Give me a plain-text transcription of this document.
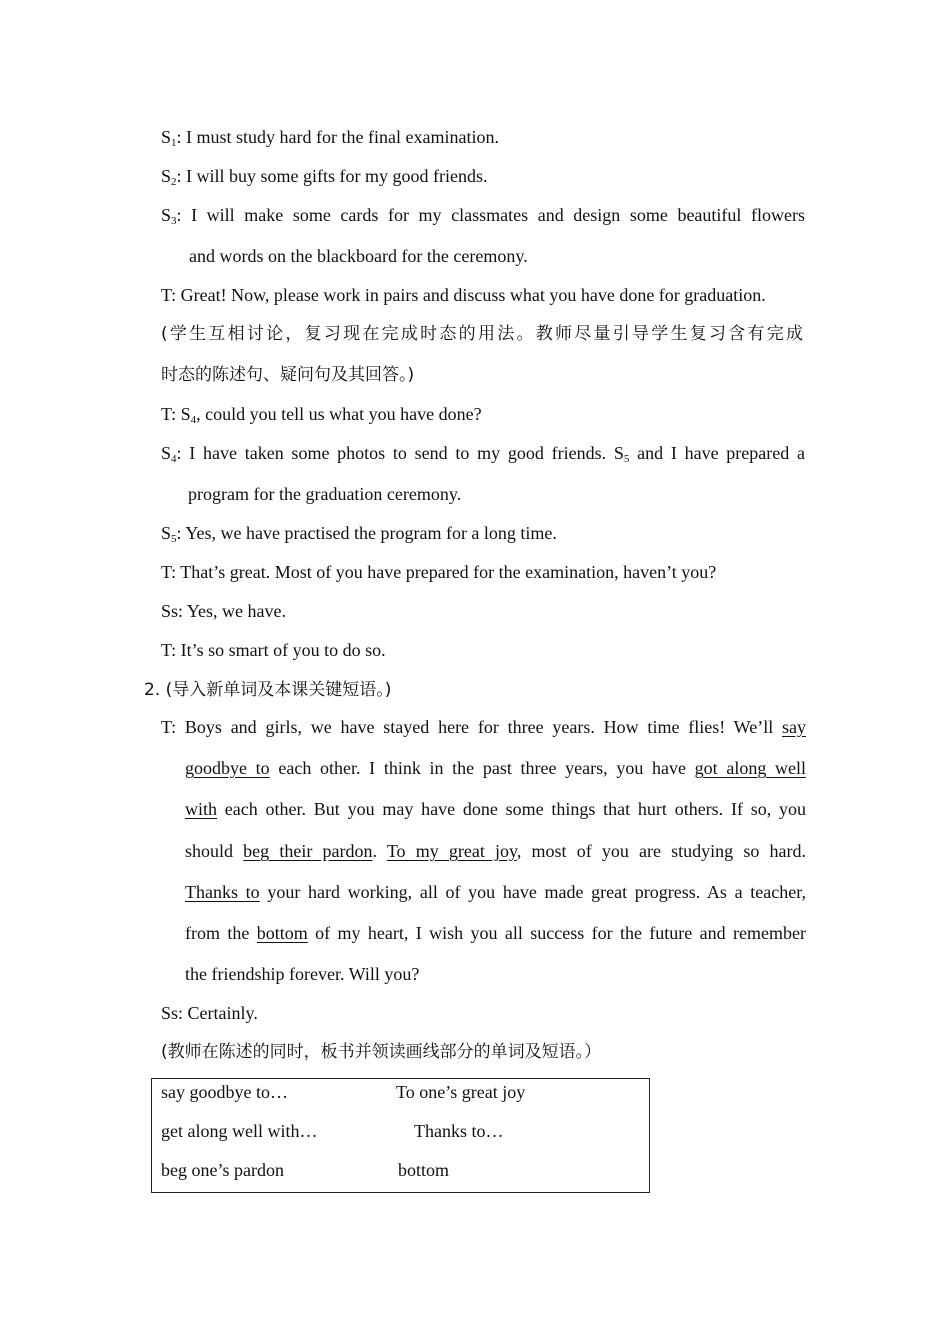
$S_1$: I must study hard for the final examination.
$S_2$: I will buy some gifts for my good friends.
$S_3$: I will make some cards for my classmates and design some beautiful flowers
and words on the blackboard for the ceremony.
T: Great! Now, please work in pairs and discuss what you have done for graduation.
(学生互相讨论，复习现在完成时态的用法。教师尽量引导学生复习含有完成
时态的陈述句、疑问句及其回答。)
T: $S_4$, could you tell us what you have done?
$S_4$: I have taken some photos to send to my good friends. $S_5$ and I have prepared a
program for the graduation ceremony.
$S_5$: Yes, we have practised the program for a long time.
T: That’s great. Most of you have prepared for the examination, haven’t you?
Ss: Yes, we have.
T: It’s so smart of you to do so.
2. (导入新单词及本课关键短语。)
T: Boys and girls, we have stayed here for three years. How time flies! We’ll say
goodbye to each other. I think in the past three years, you have got along well
with each other. But you may have done some things that hurt others. If so, you
should beg their pardon. To my great joy, most of you are studying so hard.
Thanks to your hard working, all of you have made great progress. As a teacher,
from the bottom of my heart, I wish you all success for the future and remember
the friendship forever. Will you?
Ss: Certainly.
(教师在陈述的同时，板书并领读画线部分的单词及短语。）
say goodbye to…	To one’s great joy
get along well with…	Thanks to…
beg one’s pardon	bottom
